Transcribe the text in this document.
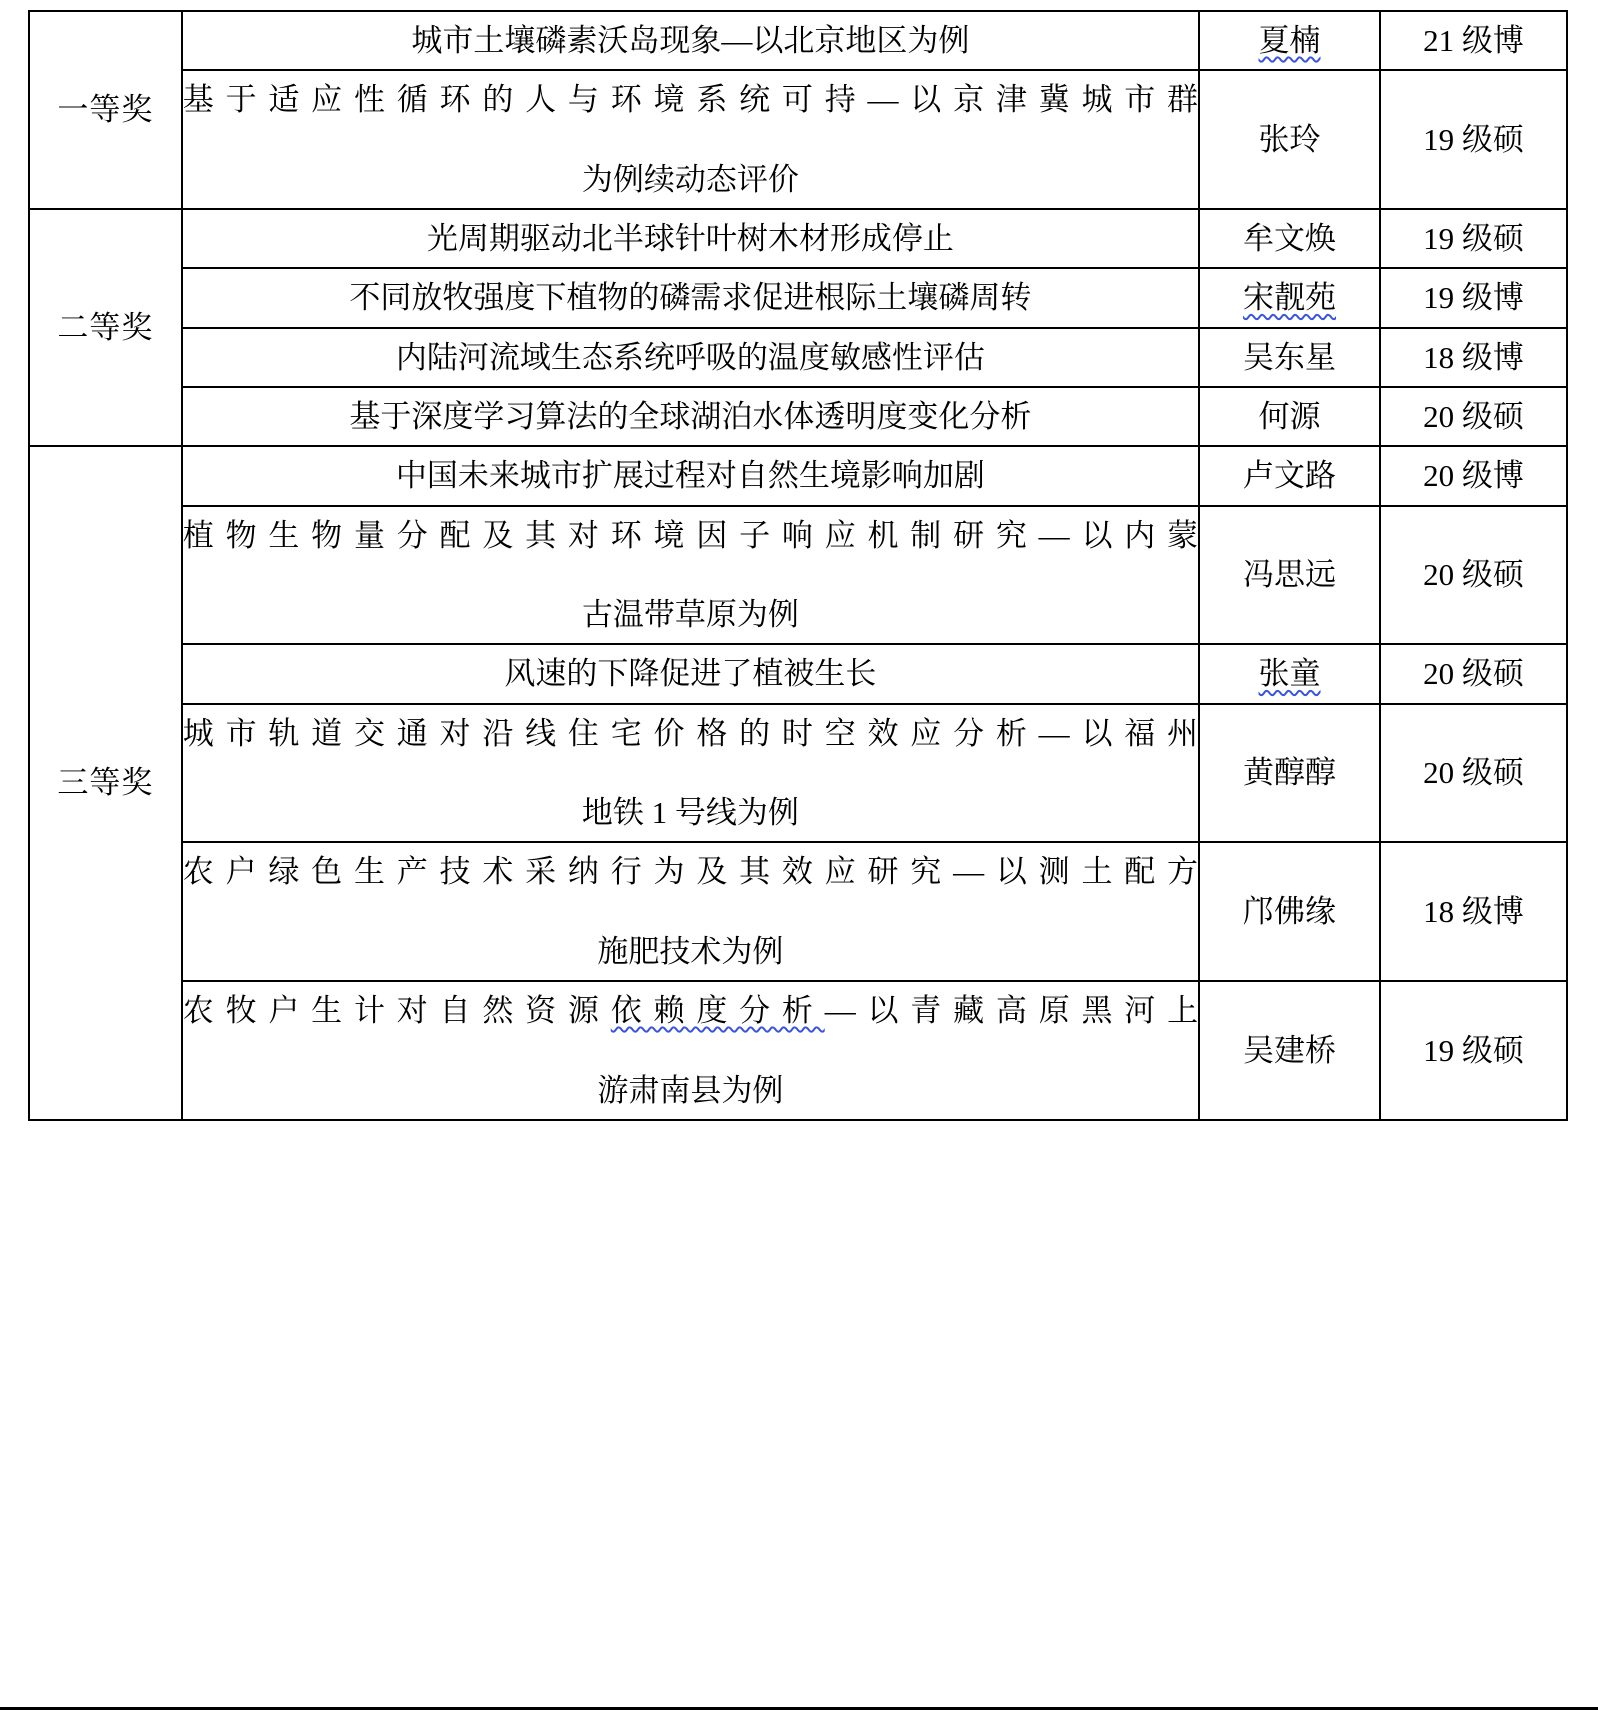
一等奖	城市土壤磷素沃岛现象—以北京地区为例	夏楠	21 级博

	基于适应性循环的人与环境系统可持—以京津冀城市群
为例续动态评价	张玲	19 级硕
二等奖	光周期驱动北半球针叶树木材形成停止	牟文焕	19 级硕

	不同放牧强度下植物的磷需求促进根际土壤磷周转	宋靓苑	19 级博

	内陆河流域生态系统呼吸的温度敏感性评估	吴东星	18 级博

	基于深度学习算法的全球湖泊水体透明度变化分析	何源	20 级硕
三等奖	中国未来城市扩展过程对自然生境影响加剧	卢文路	20 级博

	植物生物量分配及其对环境因子响应机制研究—以内蒙
古温带草原为例	冯思远	20 级硕

	风速的下降促进了植被生长	张童	20 级硕

	城市轨道交通对沿线住宅价格的时空效应分析—以福州
地铁 1 号线为例	黄醇醇	20 级硕

	农户绿色生产技术采纳行为及其效应研究—以测土配方
施肥技术为例	邝佛缘	18 级博

	农牧户生计对自然资源依赖度分析—以青藏高原黑河上
游肃南县为例	吴建桥	19 级硕
